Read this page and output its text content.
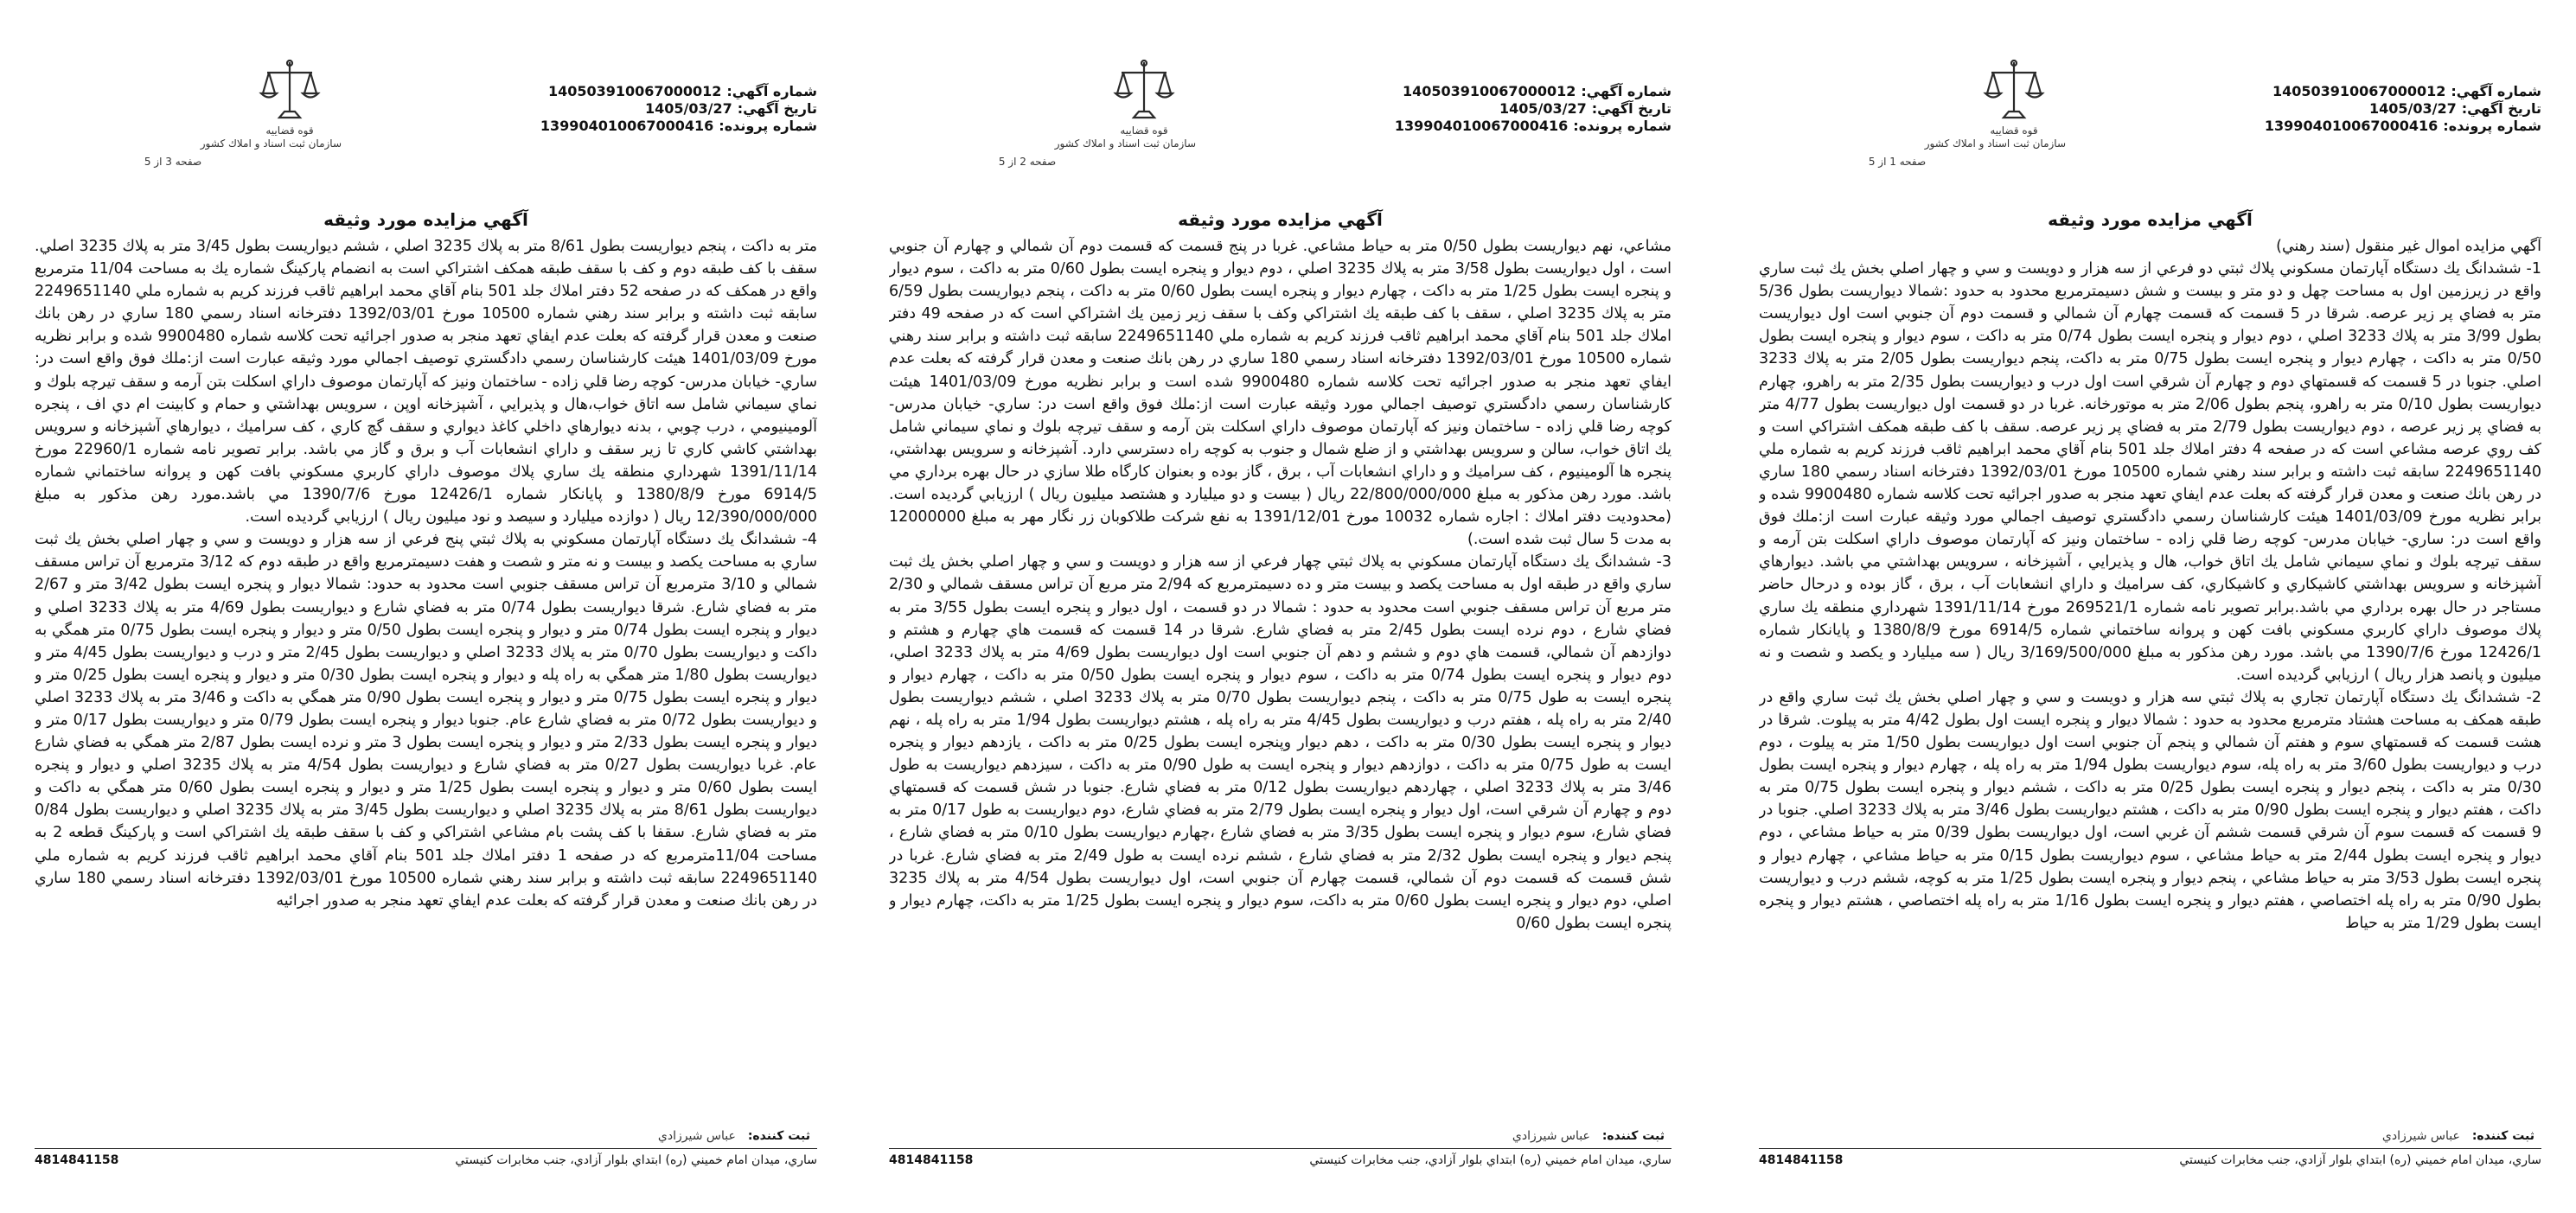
شماره آگهي:140503910067000012
تاريخ آگهي:1405/03/27
شماره پرونده:139904010067000416
قوه قضاييه
سازمان ثبت اسناد و املاك كشور
صفحه 1 از 5
آگهي مزايده مورد وثيقه

آگهي مزايده اموال غير منقول (سند رهني)

1- ششدانگ يك دستگاه آپارتمان مسكوني پلاك ثبتي دو فرعي از سه هزار و دويست و سي و چهار اصلي بخش يك ثبت ساري واقع در زيرزمين اول به مساحت چهل و دو متر و بيست و شش دسيمترمربع محدود به حدود :شمالا ديواريست بطول 5/36 متر به فضاي پر زير عرصه. شرقا در 5 قسمت كه قسمت چهارم آن شمالي و قسمت دوم آن جنوبي است اول ديواريست بطول 3/99 متر به پلاك 3233 اصلي ، دوم ديوار و پنجره ايست بطول 0/74 متر به داكت ، سوم ديوار و پنجره ايست بطول 0/50 متر به داكت ، چهارم ديوار و پنجره ايست بطول 0/75 متر به داكت، پنجم ديواريست بطول 2/05 متر به پلاك 3233 اصلي. جنوبا در 5 قسمت كه قسمتهاي دوم و چهارم آن شرقي است اول درب و ديواريست بطول 2/35 متر به راهرو، چهارم ديواريست بطول 0/10 متر به راهرو، پنجم بطول 2/06 متر به موتورخانه. غربا در دو قسمت اول ديواريست بطول 4/77 متر به فضاي پر زير عرصه ، دوم ديواريست بطول 2/79 متر به فضاي پر زير عرصه. سقف با كف طبقه همكف اشتراكي است و كف روي عرصه مشاعي است كه در صفحه 4 دفتر املاك جلد 501 بنام آقاي محمد ابراهيم ثاقب فرزند كريم به شماره ملي 2249651140 سابقه ثبت داشته و برابر سند رهني شماره 10500 مورخ 1392/03/01 دفترخانه اسناد رسمي 180 ساري در رهن بانك صنعت و معدن قرار گرفته كه بعلت عدم ايفاي تعهد منجر به صدور اجرائيه تحت كلاسه شماره 9900480 شده و برابر نظريه مورخ 1401/03/09 هيئت كارشناسان رسمي دادگستري توصيف اجمالي مورد وثيقه عبارت است از:ملك فوق واقع است در: ساري- خيابان مدرس- كوچه رضا قلي زاده - ساختمان ونيز كه آپارتمان موصوف داراي اسكلت بتن آرمه و سقف تيرچه بلوك و نماي سيماني شامل يك اتاق خواب، هال و پذيرايي ، آشپزخانه ، سرويس بهداشتي مي باشد. ديوارهاي آشپزخانه و سرويس بهداشتي كاشيكاري و كاشيكاري، كف سراميك و داراي انشعابات آب ، برق ، گاز بوده و درحال حاضر مستاجر در حال بهره برداري مي باشد.برابر تصوير نامه شماره 269521/1 مورخ 1391/11/14 شهرداري منطقه يك ساري پلاك موصوف داراي كاربري مسكوني بافت كهن و پروانه ساختماني شماره 6914/5 مورخ 1380/8/9 و پايانكار شماره 12426/1 مورخ 1390/7/6 مي باشد. مورد رهن مذكور به مبلغ 3/169/500/000 ريال ( سه ميليارد و يكصد و شصت و نه ميليون و پانصد هزار ريال ) ارزيابي گرديده است.

2- ششدانگ يك دستگاه آپارتمان تجاري به پلاك ثبتي سه هزار و دويست و سي و چهار اصلي بخش يك ثبت ساري واقع در طبقه همكف به مساحت هشتاد مترمربع محدود به حدود : شمالا ديوار و پنجره ايست اول بطول 4/42 متر به پيلوت. شرقا در هشت قسمت كه قسمتهاي سوم و هفتم آن شمالي و پنجم آن جنوبي است اول ديواريست بطول 1/50 متر به پيلوت ، دوم درب و ديواريست بطول 3/60 متر به راه پله، سوم ديواريست بطول 1/94 متر به راه پله ، چهارم ديوار و پنجره ايست بطول 0/30 متر به داكت ، پنجم ديوار و پنجره ايست بطول 0/25 متر به داكت ، ششم ديوار و پنجره ايست بطول 0/75 متر به داكت ، هفتم ديوار و پنجره ايست بطول 0/90 متر به داكت ، هشتم ديواريست بطول 3/46 متر به پلاك 3233 اصلي. جنوبا در 9 قسمت كه قسمت سوم آن شرقي قسمت ششم آن غربي است، اول ديواريست بطول 0/39 متر به حياط مشاعي ، دوم ديوار و پنجره ايست بطول 2/44 متر به حياط مشاعي ، سوم ديواريست بطول 0/15 متر به حياط مشاعي ، چهارم ديوار و پنجره ايست بطول 3/53 متر به حياط مشاعي ، پنجم ديوار و پنجره ايست بطول 1/25 متر به كوچه، ششم درب و ديواريست بطول 0/90 متر به راه پله اختصاصي ، هفتم ديوار و پنجره ايست بطول 1/16 متر به راه پله اختصاصي ، هشتم ديوار و پنجره ايست بطول 1/29 متر به حياط

ثبت كننده:عباس شيرزادي
ساري، ميدان امام خميني (ره) ابتداي بلوار آزادي، جنب مخابرات كنيستي
4814841158
شماره آگهي:140503910067000012
تاريخ آگهي:1405/03/27
شماره پرونده:139904010067000416
قوه قضاييه
سازمان ثبت اسناد و املاك كشور
صفحه 2 از 5
آگهي مزايده مورد وثيقه

مشاعي، نهم ديواريست بطول 0/50 متر به حياط مشاعي. غربا در پنج قسمت كه قسمت دوم آن شمالي و چهارم آن جنوبي است ، اول ديواريست بطول 3/58 متر به پلاك 3235 اصلي ، دوم ديوار و پنجره ايست بطول 0/60 متر به داكت ، سوم ديوار و پنجره ايست بطول 1/25 متر به داكت ، چهارم ديوار و پنجره ايست بطول 0/60 متر به داكت ، پنجم ديواريست بطول 6/59 متر به پلاك 3235 اصلي ، سقف با كف طبقه يك اشتراكي وكف با سقف زير زمين يك اشتراكي است كه در صفحه 49 دفتر املاك جلد 501 بنام آقاي محمد ابراهيم ثاقب فرزند كريم به شماره ملي 2249651140 سابقه ثبت داشته و برابر سند رهني شماره 10500 مورخ 1392/03/01 دفترخانه اسناد رسمي 180 ساري در رهن بانك صنعت و معدن قرار گرفته كه بعلت عدم ايفاي تعهد منجر به صدور اجرائيه تحت كلاسه شماره 9900480 شده است و برابر نظريه مورخ 1401/03/09 هيئت كارشناسان رسمي دادگستري توصيف اجمالي مورد وثيقه عبارت است از:ملك فوق واقع است در: ساري- خيابان مدرس- كوچه رضا قلي زاده - ساختمان ونيز كه آپارتمان موصوف داراي اسكلت بتن آرمه و سقف تيرچه بلوك و نماي سيماني شامل يك اتاق خواب، سالن و سرويس بهداشتي و از ضلع شمال و جنوب به كوچه راه دسترسي دارد. آشپزخانه و سرويس بهداشتي، پنجره ها آلومينيوم ، كف سراميك و و داراي انشعابات آب ، برق ، گاز بوده و بعنوان كارگاه طلا سازي در حال بهره برداري مي باشد. مورد رهن مذكور به مبلغ 22/800/000/000 ريال ( بيست و دو ميليارد و هشتصد ميليون ريال ) ارزيابي گرديده است. (محدوديت دفتر املاك : اجاره شماره 10032 مورخ 1391/12/01 به نفع شركت طلاكوبان زر نگار مهر به مبلغ 12000000 به مدت 5 سال ثبت شده است.)

3- ششدانگ يك دستگاه آپارتمان مسكوني به پلاك ثبتي چهار فرعي از سه هزار و دويست و سي و چهار اصلي بخش يك ثبت ساري واقع در طبقه اول به مساحت يكصد و بيست متر و ده دسيمترمربع كه 2/94 متر مربع آن تراس مسقف شمالي و 2/30 متر مربع آن تراس مسقف جنوبي است محدود به حدود : شمالا در دو قسمت ، اول ديوار و پنجره ايست بطول 3/55 متر به فضاي شارع ، دوم نرده ايست بطول 2/45 متر به فضاي شارع. شرقا در 14 قسمت كه قسمت هاي چهارم و هشتم و دوازدهم آن شمالي، قسمت هاي دوم و ششم و دهم آن جنوبي است اول ديواريست بطول 4/69 متر به پلاك 3233 اصلي، دوم ديوار و پنجره ايست بطول 0/74 متر به داكت ، سوم ديوار و پنجره ايست بطول 0/50 متر به داكت ، چهارم ديوار و پنجره ايست به طول 0/75 متر به داكت ، پنجم ديواريست بطول 0/70 متر به پلاك 3233 اصلي ، ششم ديواريست بطول 2/40 متر به راه پله ، هفتم درب و ديواريست بطول 4/45 متر به راه پله ، هشتم ديواريست بطول 1/94 متر به راه پله ، نهم ديوار و پنجره ايست بطول 0/30 متر به داكت ، دهم ديوار وپنجره ايست بطول 0/25 متر به داكت ، يازدهم ديوار و پنجره ايست به طول 0/75 متر به داكت ، دوازدهم ديوار و پنجره ايست به طول 0/90 متر به داكت ، سيزدهم ديواريست به طول 3/46 متر به پلاك 3233 اصلي ، چهاردهم ديواريست بطول 0/12 متر به فضاي شارع. جنوبا در شش قسمت كه قسمتهاي دوم و چهارم آن شرقي است، اول ديوار و پنجره ايست بطول 2/79 متر به فضاي شارع، دوم ديواريست به طول 0/17 متر به فضاي شارع، سوم ديوار و پنجره ايست بطول 3/35 متر به فضاي شارع ،چهارم ديواريست بطول 0/10 متر به فضاي شارع ، پنجم ديوار و پنجره ايست بطول 2/32 متر به فضاي شارع ، ششم نرده ايست به طول 2/49 متر به فضاي شارع. غربا در شش قسمت كه قسمت دوم آن شمالي، قسمت چهارم آن جنوبي است، اول ديواريست بطول 4/54 متر به پلاك 3235 اصلي، دوم ديوار و پنجره ايست بطول 0/60 متر به داكت، سوم ديوار و پنجره ايست بطول 1/25 متر به داكت، چهارم ديوار و پنجره ايست بطول 0/60

ثبت كننده:عباس شيرزادي
ساري، ميدان امام خميني (ره) ابتداي بلوار آزادي، جنب مخابرات كنيستي
4814841158
شماره آگهي:140503910067000012
تاريخ آگهي:1405/03/27
شماره پرونده:139904010067000416
قوه قضاييه
سازمان ثبت اسناد و املاك كشور
صفحه 3 از 5
آگهي مزايده مورد وثيقه

متر به داكت ، پنجم ديواريست بطول 8/61 متر به پلاك 3235 اصلي ، ششم ديواريست بطول 3/45 متر به پلاك 3235 اصلي. سقف با كف طبقه دوم و كف با سقف طبقه همكف اشتراكي است به انضمام پاركينگ شماره يك به مساحت 11/04 مترمربع واقع در همكف كه در صفحه 52 دفتر املاك جلد 501 بنام آقاي محمد ابراهيم ثاقب فرزند كريم به شماره ملي 2249651140 سابقه ثبت داشته و برابر سند رهني شماره 10500 مورخ 1392/03/01 دفترخانه اسناد رسمي 180 ساري در رهن بانك صنعت و معدن قرار گرفته كه بعلت عدم ايفاي تعهد منجر به صدور اجرائيه تحت كلاسه شماره 9900480 شده و برابر نظريه مورخ 1401/03/09 هيئت كارشناسان رسمي دادگستري توصيف اجمالي مورد وثيقه عبارت است از:ملك فوق واقع است در: ساري- خيابان مدرس- كوچه رضا قلي زاده - ساختمان ونيز كه آپارتمان موصوف داراي اسكلت بتن آرمه و سقف تيرچه بلوك و نماي سيماني شامل سه اتاق خواب،هال و پذيرايي ، آشپزخانه اوپن ، سرويس بهداشتي و حمام و كابينت ام دي اف ، پنجره آلومينيومي ، درب چوبي ، بدنه ديوارهاي داخلي كاغذ ديواري و سقف گچ كاري ، كف سراميك ، ديوارهاي آشپزخانه و سرويس بهداشتي كاشي كاري تا زير سقف و داراي انشعابات آب و برق و گاز مي باشد. برابر تصوير نامه شماره 22960/1 مورخ 1391/11/14 شهرداري منطقه يك ساري پلاك موصوف داراي كاربري مسكوني بافت كهن و پروانه ساختماني شماره 6914/5 مورخ 1380/8/9 و پايانكار شماره 12426/1 مورخ 1390/7/6 مي باشد.مورد رهن مذكور به مبلغ 12/390/000/000 ريال ( دوازده ميليارد و سيصد و نود ميليون ريال ) ارزيابي گرديده است.

4- ششدانگ يك دستگاه آپارتمان مسكوني به پلاك ثبتي پنج فرعي از سه هزار و دويست و سي و چهار اصلي بخش يك ثبت ساري به مساحت يكصد و بيست و نه متر و شصت و هفت دسيمترمربع واقع در طبقه دوم كه 3/12 مترمربع آن تراس مسقف شمالي و 3/10 مترمربع آن تراس مسقف جنوبي است محدود به حدود: شمالا ديوار و پنجره ايست بطول 3/42 متر و 2/67 متر به فضاي شارع. شرقا ديواريست بطول 0/74 متر به فضاي شارع و ديواريست بطول 4/69 متر به پلاك 3233 اصلي و ديوار و پنجره ايست بطول 0/74 متر و ديوار و پنجره ايست بطول 0/50 متر و ديوار و پنجره ايست بطول 0/75 متر همگي به داكت و ديواريست بطول 0/70 متر به پلاك 3233 اصلي و ديواريست بطول 2/45 متر و درب و ديواريست بطول 4/45 متر و ديواريست بطول 1/80 متر همگي به راه پله و ديوار و پنجره ايست بطول 0/30 متر و ديوار و پنجره ايست بطول 0/25 متر و ديوار و پنجره ايست بطول 0/75 متر و ديوار و پنجره ايست بطول 0/90 متر همگي به داكت و 3/46 متر به پلاك 3233 اصلي و ديواريست بطول 0/72 متر به فضاي شارع عام. جنوبا ديوار و پنجره ايست بطول 0/79 متر و ديواريست بطول 0/17 متر و ديوار و پنجره ايست بطول 2/33 متر و ديوار و پنجره ايست بطول 3 متر و نرده ايست بطول 2/87 متر همگي به فضاي شارع عام. غربا ديواريست بطول 0/27 متر به فضاي شارع و ديواريست بطول 4/54 متر به پلاك 3235 اصلي و ديوار و پنجره ايست بطول 0/60 متر و ديوار و پنجره ايست بطول 1/25 متر و ديوار و پنجره ايست بطول 0/60 متر همگي به داكت و ديواريست بطول 8/61 متر به پلاك 3235 اصلي و ديواريست بطول 3/45 متر به پلاك 3235 اصلي و ديواريست بطول 0/84 متر به فضاي شارع. سقفا با كف پشت بام مشاعي اشتراكي و كف با سقف طبقه يك اشتراكي است و پاركينگ قطعه 2 به مساحت 11/04مترمربع كه در صفحه 1 دفتر املاك جلد 501 بنام آقاي محمد ابراهيم ثاقب فرزند كريم به شماره ملي 2249651140 سابقه ثبت داشته و برابر سند رهني شماره 10500 مورخ 1392/03/01 دفترخانه اسناد رسمي 180 ساري در رهن بانك صنعت و معدن قرار گرفته كه بعلت عدم ايفاي تعهد منجر به صدور اجرائيه

ثبت كننده:عباس شيرزادي
ساري، ميدان امام خميني (ره) ابتداي بلوار آزادي، جنب مخابرات كنيستي
4814841158
